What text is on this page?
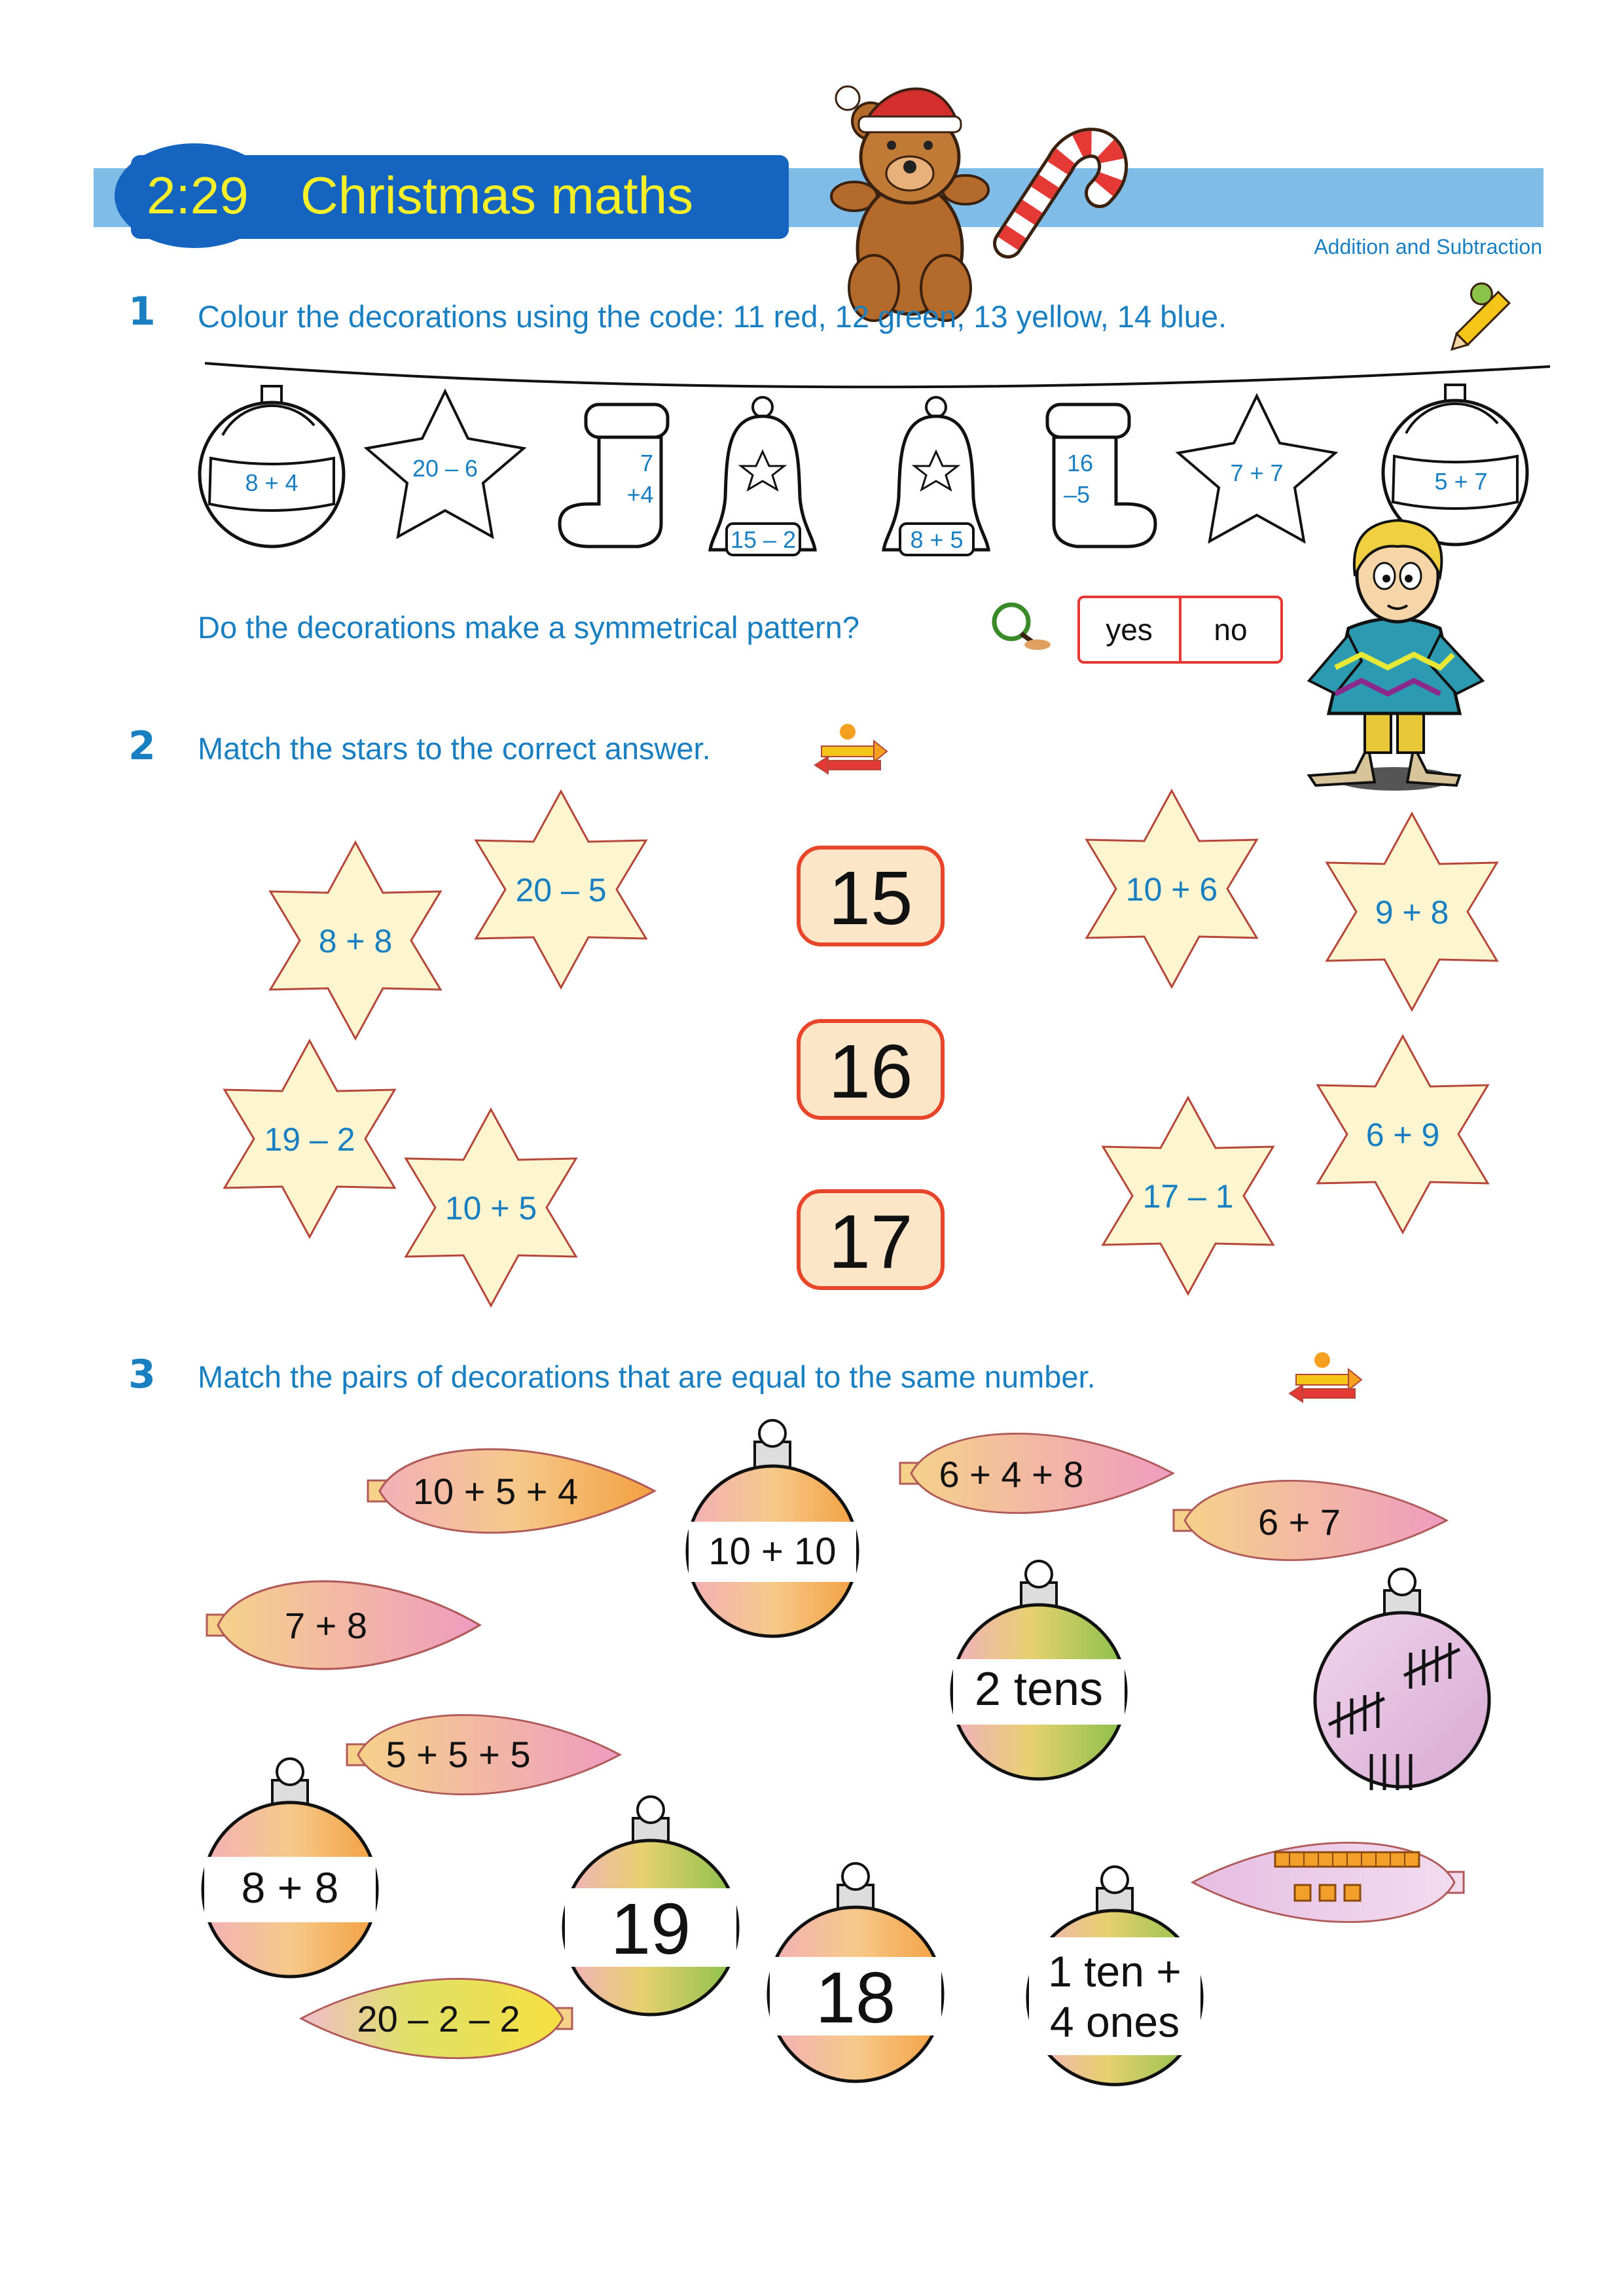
2:29 Christmas maths
Addition and Subtraction
1 Colour the decorations using the code: 11 red, 12 green, 13 yellow, 14 blue.
8 + 4
20 – 6	7
+4
15 – 2	8 + 5
16
–5
7 + 7	5 + 7
Do the decorations make a symmetrical pattern?	yes no
2 Match the stars to the correct answer.
15
16
17
8 + 8
20 – 5
19 – 2
10 + 5
10 + 6
9 + 8
17 – 1
6 + 9
3 Match the pairs of decorations that are equal to the same number.
10 + 5 + 4	6 + 4 + 8
6 + 7
7 + 8
5 + 5 + 5
20 – 2 – 2
10 + 10
2 tens
8 + 8
19
18	1 ten +
4 ones
